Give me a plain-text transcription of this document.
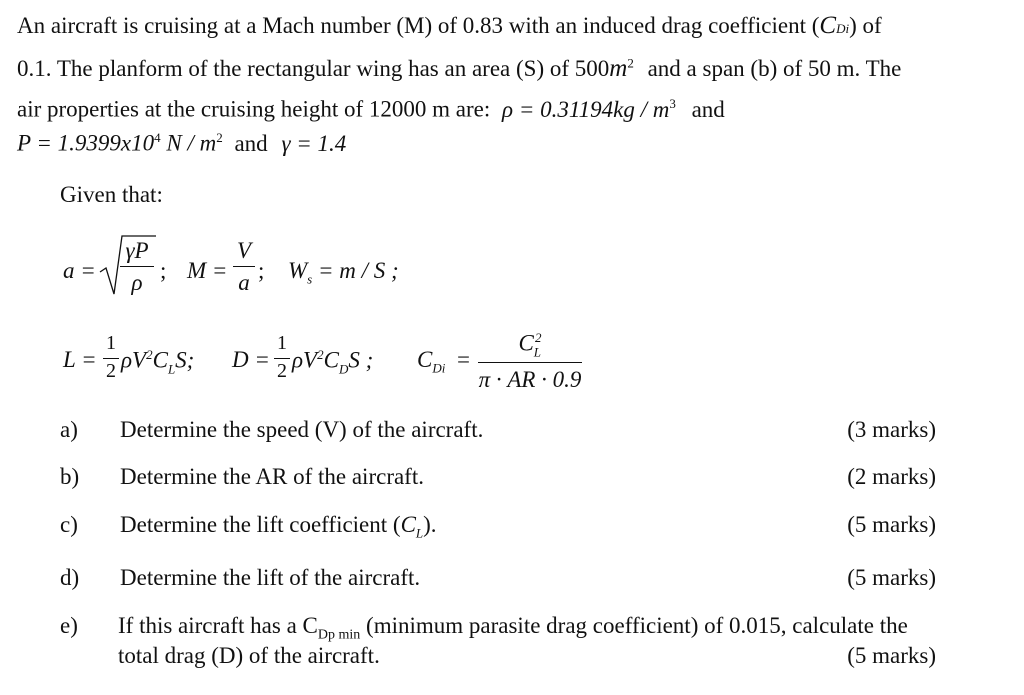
An aircraft is cruising at a Mach number (M) of 0.83 with an induced drag coefficient (CDi) of
0.1. The planform of the rectangular wing has an area (S) of $500m^2$ and a span (b) of 50 m. The
air properties at the cruising height of 12000 m are: $\rho = 0.31194kg / m^3$ and
$P = 1.9399x10^4$ N / $m^2$ and γ = 1.4
Given that:
a =
γP
ρ ; M =
V
a ; $W_s = m / S$ ;
L =
1
2 $\rho V^2C_LS$; D =
1
2 $\rho V^2C_DS$ ; $C_{Di}$ =
$C_L^2$
π · AR · 0.9
a) Determine the speed (V) of the aircraft.	(3 marks)
b) Determine the AR of the aircraft.	(2 marks)
c) Determine the lift coefficient $(C_L)$.	(5 marks)
d) Determine the lift of the aircraft.	(5 marks)
e) If this aircraft has a $C_{Dp min}$ (minimum parasite drag coefficient) of 0.015, calculate the
total drag (D) of the aircraft.	(5 marks)
